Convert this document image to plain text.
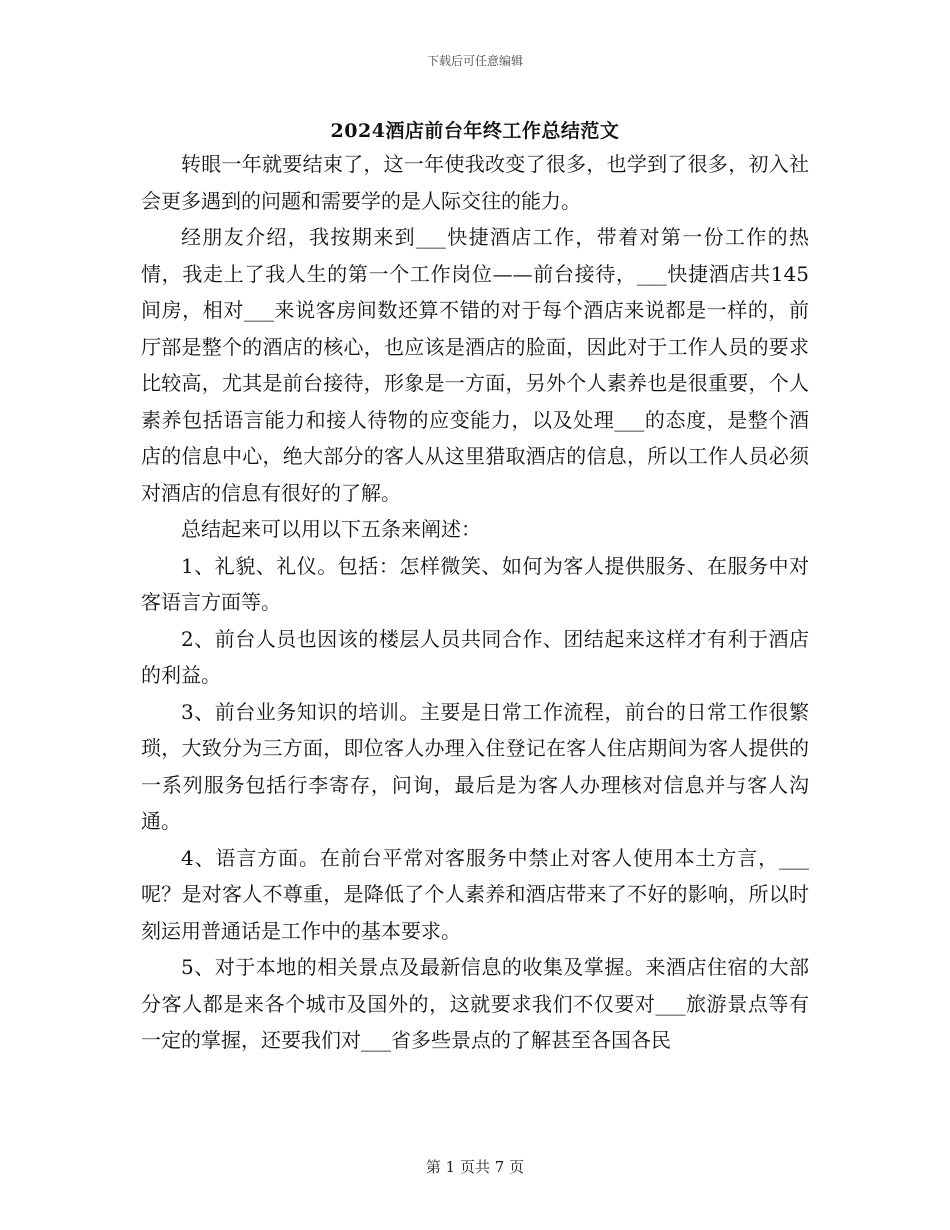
下载后可任意编辑
2024酒店前台年终工作总结范文

转眼一年就要结束了，这一年使我改变了很多，也学到了很多，初入社会更多遇到的问题和需要学的是人际交往的能力。

经朋友介绍，我按期来到___快捷酒店工作，带着对第一份工作的热情，我走上了我人生的第一个工作岗位——前台接待，___快捷酒店共145间房，相对___来说客房间数还算不错的对于每个酒店来说都是一样的，前厅部是整个的酒店的核心，也应该是酒店的脸面，因此对于工作人员的要求比较高，尤其是前台接待，形象是一方面，另外个人素养也是很重要，个人素养包括语言能力和接人待物的应变能力，以及处理___的态度，是整个酒店的信息中心，绝大部分的客人从这里猎取酒店的信息，所以工作人员必须对酒店的信息有很好的了解。

总结起来可以用以下五条来阐述：

1、礼貌、礼仪。包括：怎样微笑、如何为客人提供服务、在服务中对客语言方面等。

2、前台人员也因该的楼层人员共同合作、团结起来这样才有利于酒店的利益。

3、前台业务知识的培训。主要是日常工作流程，前台的日常工作很繁琐，大致分为三方面，即位客人办理入住登记在客人住店期间为客人提供的一系列服务包括行李寄存，问询，最后是为客人办理核对信息并与客人沟通。

4、语言方面。在前台平常对客服务中禁止对客人使用本土方言，___呢？是对客人不尊重，是降低了个人素养和酒店带来了不好的影响，所以时刻运用普通话是工作中的基本要求。

5、对于本地的相关景点及最新信息的收集及掌握。来酒店住宿的大部分客人都是来各个城市及国外的，这就要求我们不仅要对___旅游景点等有一定的掌握，还要我们对___省多些景点的了解甚至各国各民

第 1 页共 7 页
